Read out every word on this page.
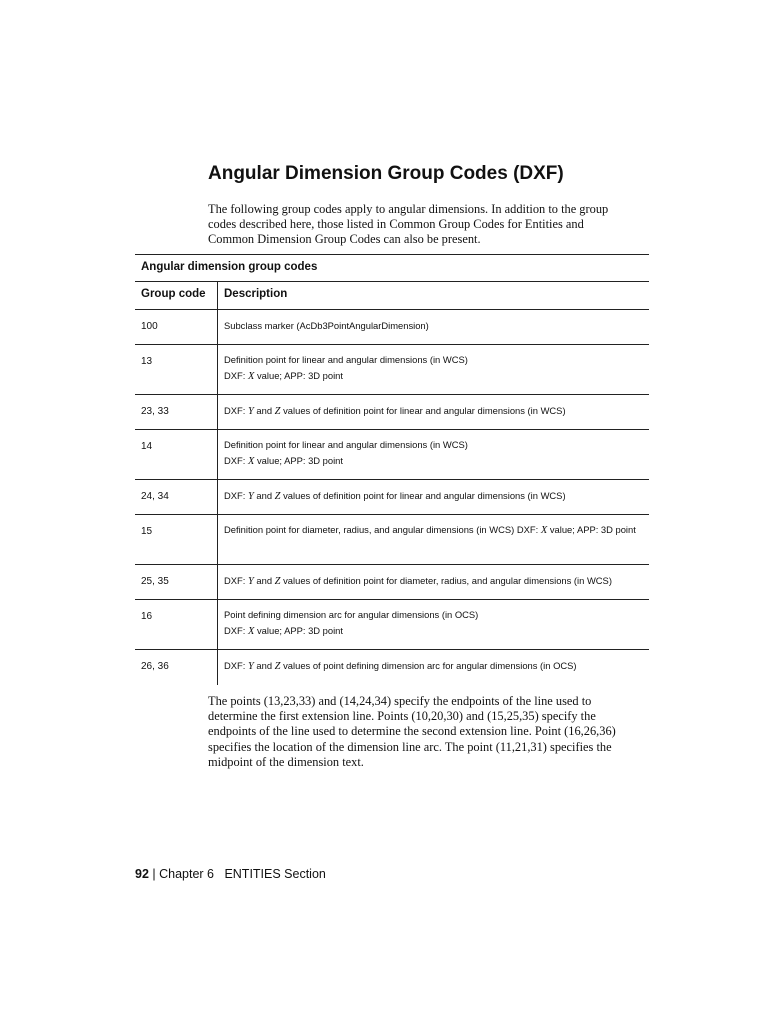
Angular Dimension Group Codes (DXF)

The following group codes apply to angular dimensions. In addition to the group codes described here, those listed in Common Group Codes for Entities and Common Dimension Group Codes can also be present.

Angular dimension group codes
Group code	Description
100	Subclass marker (AcDb3PointAngularDimension)
13	Definition point for linear and angular dimensions (in WCS)
DXF: X value; APP: 3D point
23, 33	DXF: Y and Z values of definition point for linear and angular dimensions (in WCS)
14	Definition point for linear and angular dimensions (in WCS)
DXF: X value; APP: 3D point
24, 34	DXF: Y and Z values of definition point for linear and angular dimensions (in WCS)
15	Definition point for diameter, radius, and angular dimensions (in WCS) DXF: X value; APP: 3D point
25, 35	DXF: Y and Z values of definition point for diameter, radius, and angular dimensions (in WCS)
16	Point defining dimension arc for angular dimensions (in OCS)
DXF: X value; APP: 3D point
26, 36	DXF: Y and Z values of point defining dimension arc for angular dimensions (in OCS)

The points (13,23,33) and (14,24,34) specify the endpoints of the line used to determine the first extension line. Points (10,20,30) and (15,25,35) specify the endpoints of the line used to determine the second extension line. Point (16,26,36) specifies the location of the dimension line arc. The point (11,21,31) specifies the midpoint of the dimension text.

92 | Chapter 6 ENTITIES Section
